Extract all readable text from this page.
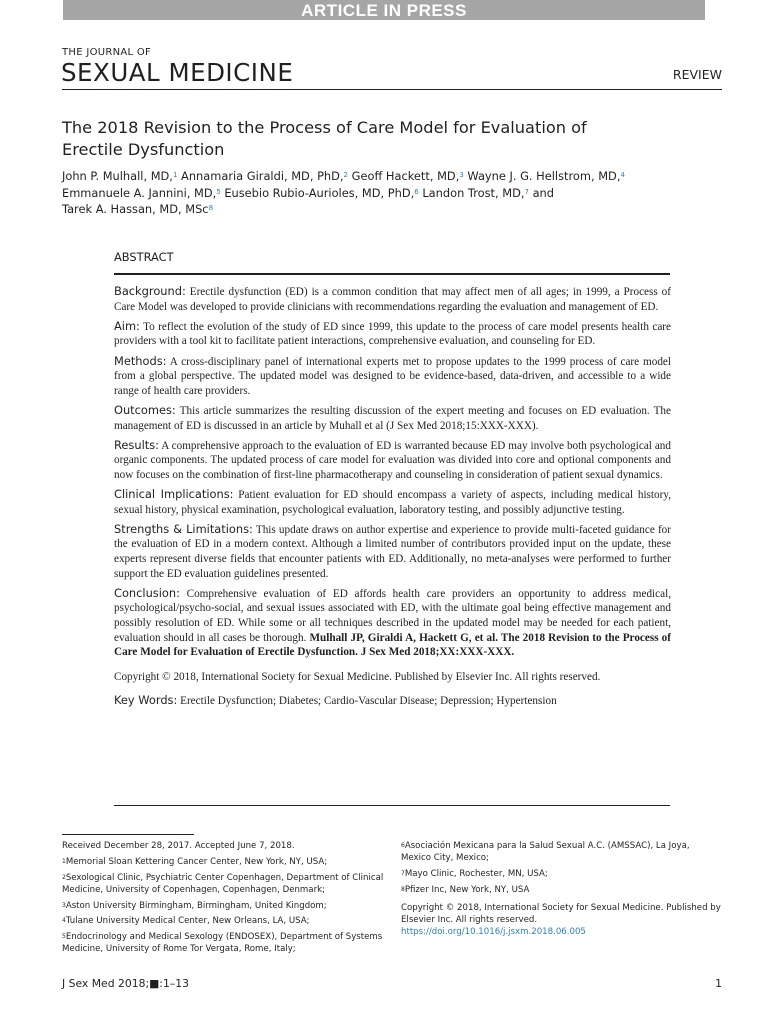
ARTICLE IN PRESS
THE JOURNAL OF
SEXUAL MEDICINE	REVIEW
The 2018 Revision to the Process of Care Model for Evaluation of Erectile Dysfunction
John P. Mulhall, MD,$^1$ Annamaria Giraldi, MD, PhD,$^2$ Geoff Hackett, MD,$^3$ Wayne J. G. Hellstrom, MD,$^4$
Emmanuele A. Jannini, MD,$^5$ Eusebio Rubio-Aurioles, MD, PhD,$^6$ Landon Trost, MD,$^7$ and
Tarek A. Hassan, MD, MSc$^8$
ABSTRACT

Background: Erectile dysfunction (ED) is a common condition that may affect men of all ages; in 1999, a Process of Care Model was developed to provide clinicians with recommendations regarding the evaluation and management of ED.

Aim: To reflect the evolution of the study of ED since 1999, this update to the process of care model presents health care providers with a tool kit to facilitate patient interactions, comprehensive evaluation, and counseling for ED.

Methods: A cross-disciplinary panel of international experts met to propose updates to the 1999 process of care model from a global perspective. The updated model was designed to be evidence-based, data-driven, and accessible to a wide range of health care providers.

Outcomes: This article summarizes the resulting discussion of the expert meeting and focuses on ED evaluation. The management of ED is discussed in an article by Muhall et al (J Sex Med 2018;15:XXX-XXX).

Results: A comprehensive approach to the evaluation of ED is warranted because ED may involve both psychological and organic components. The updated process of care model for evaluation was divided into core and optional components and now focuses on the combination of first-line pharmacotherapy and counseling in consideration of patient sexual dynamics.

Clinical Implications: Patient evaluation for ED should encompass a variety of aspects, including medical history, sexual history, physical examination, psychological evaluation, laboratory testing, and possibly adjunctive testing.

Strengths & Limitations: This update draws on author expertise and experience to provide multi-faceted guidance for the evaluation of ED in a modern context. Although a limited number of contributors provided input on the update, these experts represent diverse fields that encounter patients with ED. Additionally, no meta-analyses were performed to further support the ED evaluation guidelines presented.

Conclusion: Comprehensive evaluation of ED affords health care providers an opportunity to address medical, psychological/psycho-social, and sexual issues associated with ED, with the ultimate goal being effective management and possibly resolution of ED. While some or all techniques described in the updated model may be needed for each patient, evaluation should in all cases be thorough. Mulhall JP, Giraldi A, Hackett G, et al. The 2018 Revision to the Process of Care Model for Evaluation of Erectile Dysfunction. J Sex Med 2018;XX:XXX-XXX.

Copyright © 2018, International Society for Sexual Medicine. Published by Elsevier Inc. All rights reserved.

Key Words: Erectile Dysfunction; Diabetes; Cardio-Vascular Disease; Depression; Hypertension

Received December 28, 2017. Accepted June 7, 2018.

$^1$Memorial Sloan Kettering Cancer Center, New York, NY, USA;

$^2$Sexological Clinic, Psychiatric Center Copenhagen, Department of Clinical Medicine, University of Copenhagen, Copenhagen, Denmark;

$^3$Aston University Birmingham, Birmingham, United Kingdom;

$^4$Tulane University Medical Center, New Orleans, LA, USA;

$^5$Endocrinology and Medical Sexology (ENDOSEX), Department of Systems Medicine, University of Rome Tor Vergata, Rome, Italy;

$^6$Asociación Mexicana para la Salud Sexual A.C. (AMSSAC), La Joya, Mexico City, Mexico;

$^7$Mayo Clinic, Rochester, MN, USA;

$^8$Pfizer Inc, New York, NY, USA

Copyright © 2018, International Society for Sexual Medicine. Published by Elsevier Inc. All rights reserved.
https://doi.org/10.1016/j.jsxm.2018.06.005

J Sex Med 2018;■:1–13	1
